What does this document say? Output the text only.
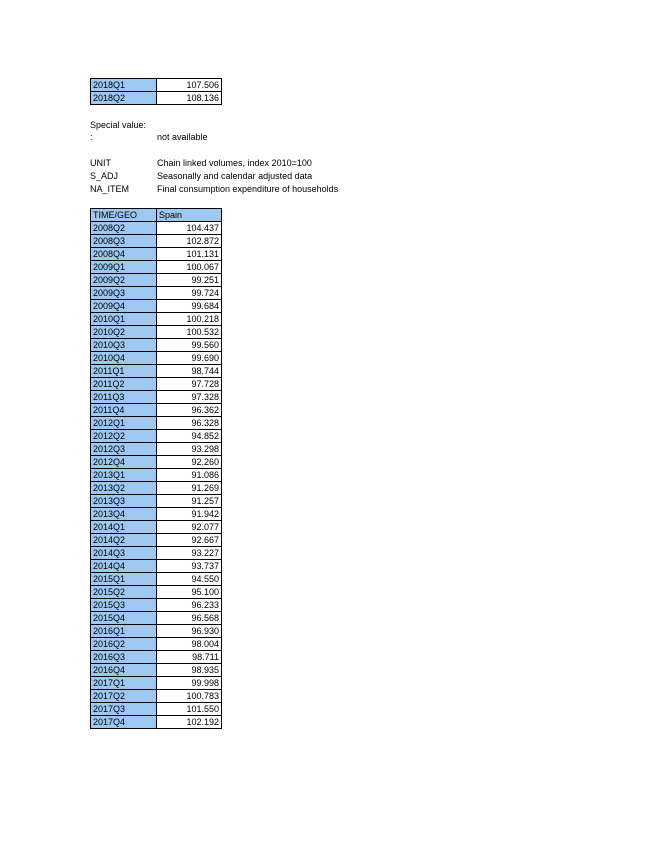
2018Q1	107.506
2018Q2	108.136
Special value:
:	not available
UNIT	Chain linked volumes, index 2010=100
S_ADJ	Seasonally and calendar adjusted data
NA_ITEM	Final consumption expenditure of households
TIME/GEO	Spain
2008Q2	104.437
2008Q3	102.872
2008Q4	101.131
2009Q1	100.067
2009Q2	99.251
2009Q3	99.724
2009Q4	99.684
2010Q1	100.218
2010Q2	100.532
2010Q3	99.560
2010Q4	99.690
2011Q1	98.744
2011Q2	97.728
2011Q3	97.328
2011Q4	96.362
2012Q1	96.328
2012Q2	94.852
2012Q3	93.298
2012Q4	92.260
2013Q1	91.086
2013Q2	91.269
2013Q3	91.257
2013Q4	91.942
2014Q1	92.077
2014Q2	92.667
2014Q3	93.227
2014Q4	93.737
2015Q1	94.550
2015Q2	95.100
2015Q3	96.233
2015Q4	96.568
2016Q1	96.930
2016Q2	98.004
2016Q3	98.711
2016Q4	98.935
2017Q1	99.998
2017Q2	100.783
2017Q3	101.550
2017Q4	102.192
